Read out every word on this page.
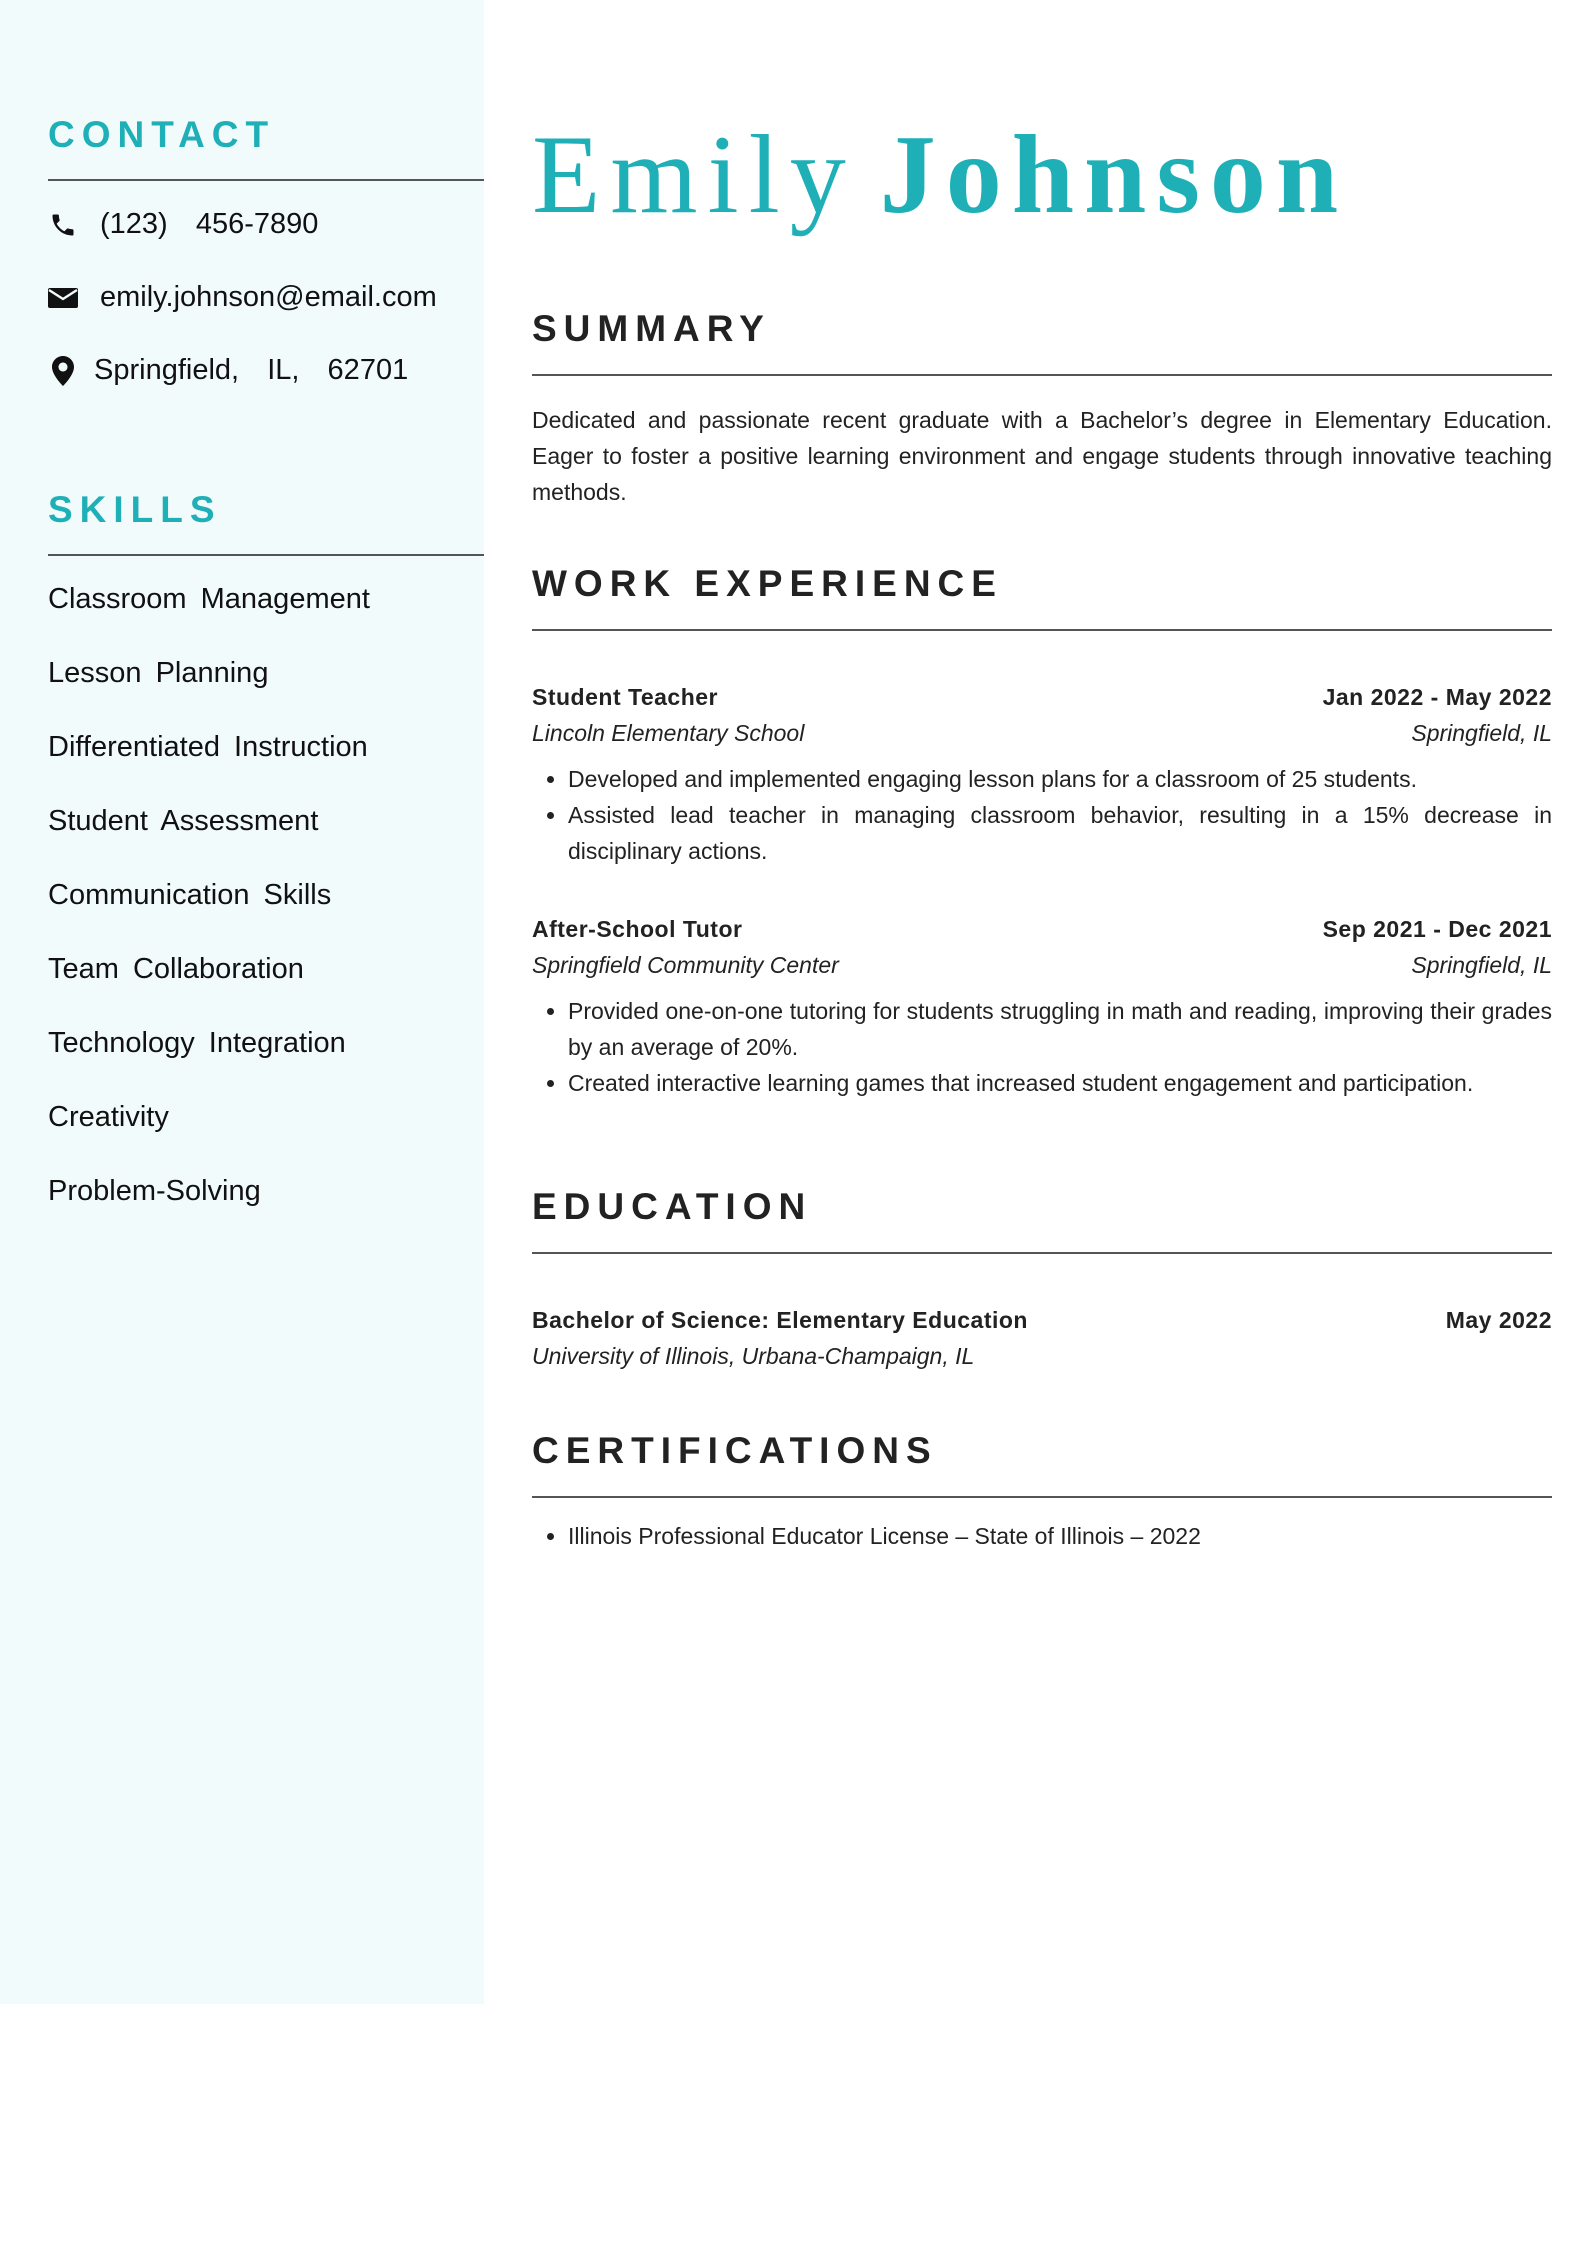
CONTACT
(123)  456-7890
emily.johnson@email.com
Springfield,  IL,  62701
SKILLS
Classroom Management
Lesson Planning
Differentiated Instruction
Student Assessment
Communication Skills
Team Collaboration
Technology Integration
Creativity
Problem-Solving
Emily Johnson
SUMMARY

Dedicated and passionate recent graduate with a Bachelor’s degree in Elementary Education. Eager to foster a positive learning environment and engage students through innovative teaching methods.

WORK EXPERIENCE
Student Teacher	Jan 2022 - May 2022
Lincoln Elementary School	Springfield, IL
• Developed and implemented engaging lesson plans for a classroom of 25 students.
• Assisted lead teacher in managing classroom behavior, resulting in a 15% decrease in disciplinary actions.
After-School Tutor	Sep 2021 - Dec 2021
Springfield Community Center	Springfield, IL
• Provided one-on-one tutoring for students struggling in math and reading, improving their grades by an average of 20%.
• Created interactive learning games that increased student engagement and participation.
EDUCATION
Bachelor of Science: Elementary Education	May 2022
University of Illinois, Urbana-Champaign, IL
CERTIFICATIONS
• Illinois Professional Educator License – State of Illinois – 2022
